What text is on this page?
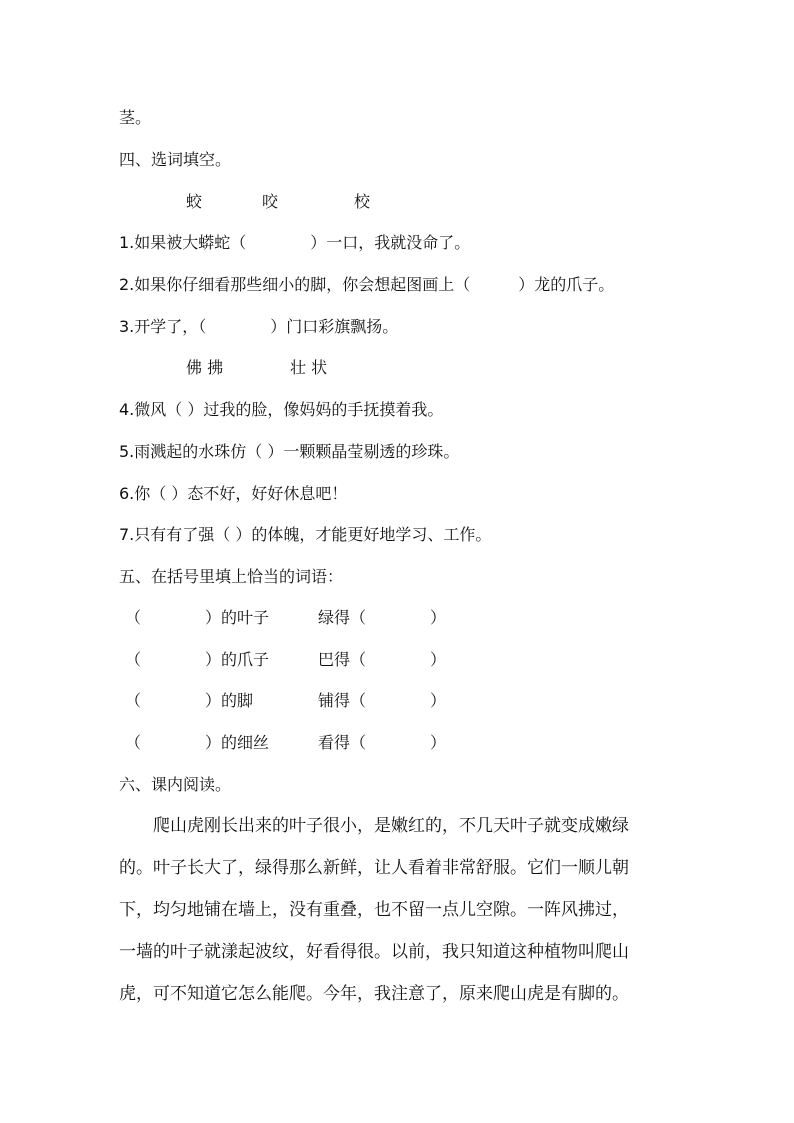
茎。
四、选词填空。
蛟	咬	校
1.如果被大蟒蛇（　　　　）一口，我就没命了。
2.如果你仔细看那些细小的脚，你会想起图画上（　　　）龙的爪子。
3.开学了，（　　　　）门口彩旗飘扬。
佛 拂	壮 状
4.微风（ ）过我的脸，像妈妈的手抚摸着我。
5.雨溅起的水珠仿（ ）一颗颗晶莹剔透的珍珠。
6.你（ ）态不好，好好休息吧！
7.只有有了强（ ）的体魄，才能更好地学习、工作。
五、在括号里填上恰当的词语：
（　　　　）的叶子	绿得（　　　　）
（　　　　）的爪子	巴得（　　　　）
（　　　　）的脚	铺得（　　　　）
（　　　　）的细丝	看得（　　　　）
六、课内阅读。
　　爬山虎刚长出来的叶子很小，是嫩红的，不几天叶子就变成嫩绿
的。叶子长大了，绿得那么新鲜，让人看着非常舒服。它们一顺儿朝
下，均匀地铺在墙上，没有重叠，也不留一点儿空隙。一阵风拂过，
一墙的叶子就漾起波纹，好看得很。以前，我只知道这种植物叫爬山
虎，可不知道它怎么能爬。今年，我注意了，原来爬山虎是有脚的。
